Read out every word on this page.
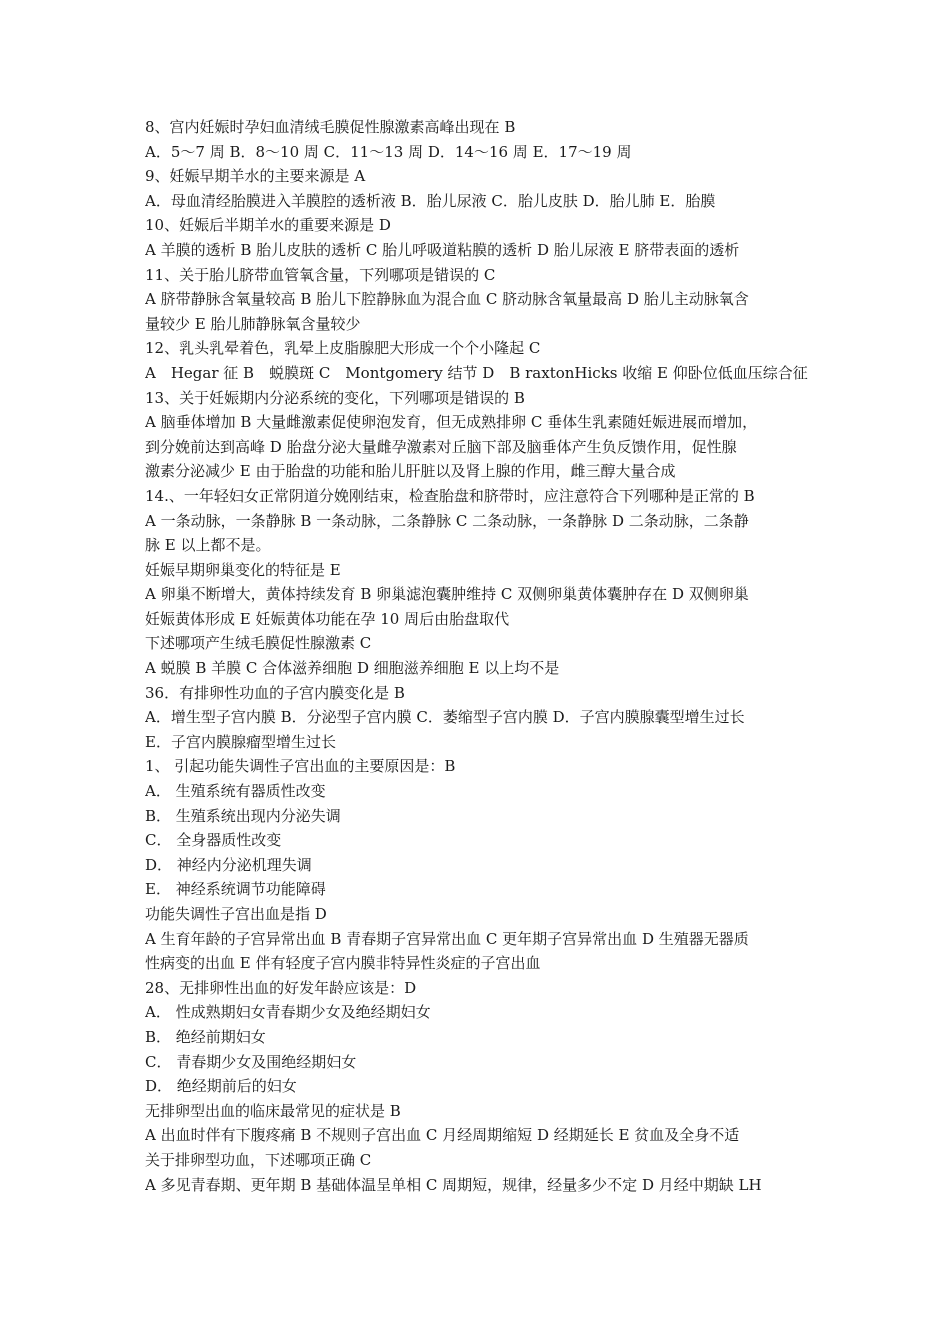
8、宫内妊娠时孕妇血清绒毛膜促性腺激素高峰出现在 B
A．5～7 周 B．8～10 周 C．11～13 周 D．14～16 周 E．17～19 周
9、妊娠早期羊水的主要来源是 A
A．母血清经胎膜进入羊膜腔的透析液 B．胎儿尿液 C．胎儿皮肤 D．胎儿肺 E．胎膜
10、妊娠后半期羊水的重要来源是 D
A 羊膜的透析 B 胎儿皮肤的透析 C 胎儿呼吸道粘膜的透析 D 胎儿尿液 E 脐带表面的透析
11、关于胎儿脐带血管氧含量，下列哪项是错误的 C
A 脐带静脉含氧量较高 B 胎儿下腔静脉血为混合血 C 脐动脉含氧量最高 D 胎儿主动脉氧含
量较少 E 胎儿肺静脉氧含量较少
12、乳头乳晕着色，乳晕上皮脂腺肥大形成一个个小隆起 C
A　Hegar 征 B　蜕膜斑 C　Montgomery 结节 D　B raxtonHicks 收缩 E 仰卧位低血压综合征
13、关于妊娠期内分泌系统的变化，下列哪项是错误的 B
A 脑垂体增加 B 大量雌激素促使卵泡发育，但无成熟排卵 C 垂体生乳素随妊娠进展而增加，
到分娩前达到高峰 D 胎盘分泌大量雌孕激素对丘脑下部及脑垂体产生负反馈作用，促性腺
激素分泌减少 E 由于胎盘的功能和胎儿肝脏以及肾上腺的作用，雌三醇大量合成
14.、一年轻妇女正常阴道分娩刚结束，检查胎盘和脐带时，应注意符合下列哪种是正常的 B
A 一条动脉，一条静脉 B 一条动脉，二条静脉 C 二条动脉，一条静脉 D 二条动脉，二条静
脉 E 以上都不是。
妊娠早期卵巢变化的特征是 E
A 卵巢不断增大，黄体持续发育 B 卵巢滤泡囊肿维持 C 双侧卵巢黄体囊肿存在 D 双侧卵巢
妊娠黄体形成 E 妊娠黄体功能在孕 10 周后由胎盘取代
下述哪项产生绒毛膜促性腺激素 C
A 蜕膜 B 羊膜 C 合体滋养细胞 D 细胞滋养细胞 E 以上均不是
36．有排卵性功血的子宫内膜变化是 B
A．增生型子宫内膜 B．分泌型子宫内膜 C．萎缩型子宫内膜 D．子宫内膜腺囊型增生过长
E．子宫内膜腺瘤型增生过长
1、 引起功能失调性子宫出血的主要原因是：B
A． 生殖系统有器质性改变
B． 生殖系统出现内分泌失调
C． 全身器质性改变
D． 神经内分泌机理失调
E． 神经系统调节功能障碍
功能失调性子宫出血是指 D
A 生育年龄的子宫异常出血 B 青春期子宫异常出血 C 更年期子宫异常出血 D 生殖器无器质
性病变的出血 E 伴有轻度子宫内膜非特异性炎症的子宫出血
28、无排卵性出血的好发年龄应该是：D
A． 性成熟期妇女青春期少女及绝经期妇女
B． 绝经前期妇女
C． 青春期少女及围绝经期妇女
D． 绝经期前后的妇女
无排卵型出血的临床最常见的症状是 B
A 出血时伴有下腹疼痛 B 不规则子宫出血 C 月经周期缩短 D 经期延长 E 贫血及全身不适
关于排卵型功血，下述哪项正确 C
A 多见青春期、更年期 B 基础体温呈单相 C 周期短，规律，经量多少不定 D 月经中期缺 LH
